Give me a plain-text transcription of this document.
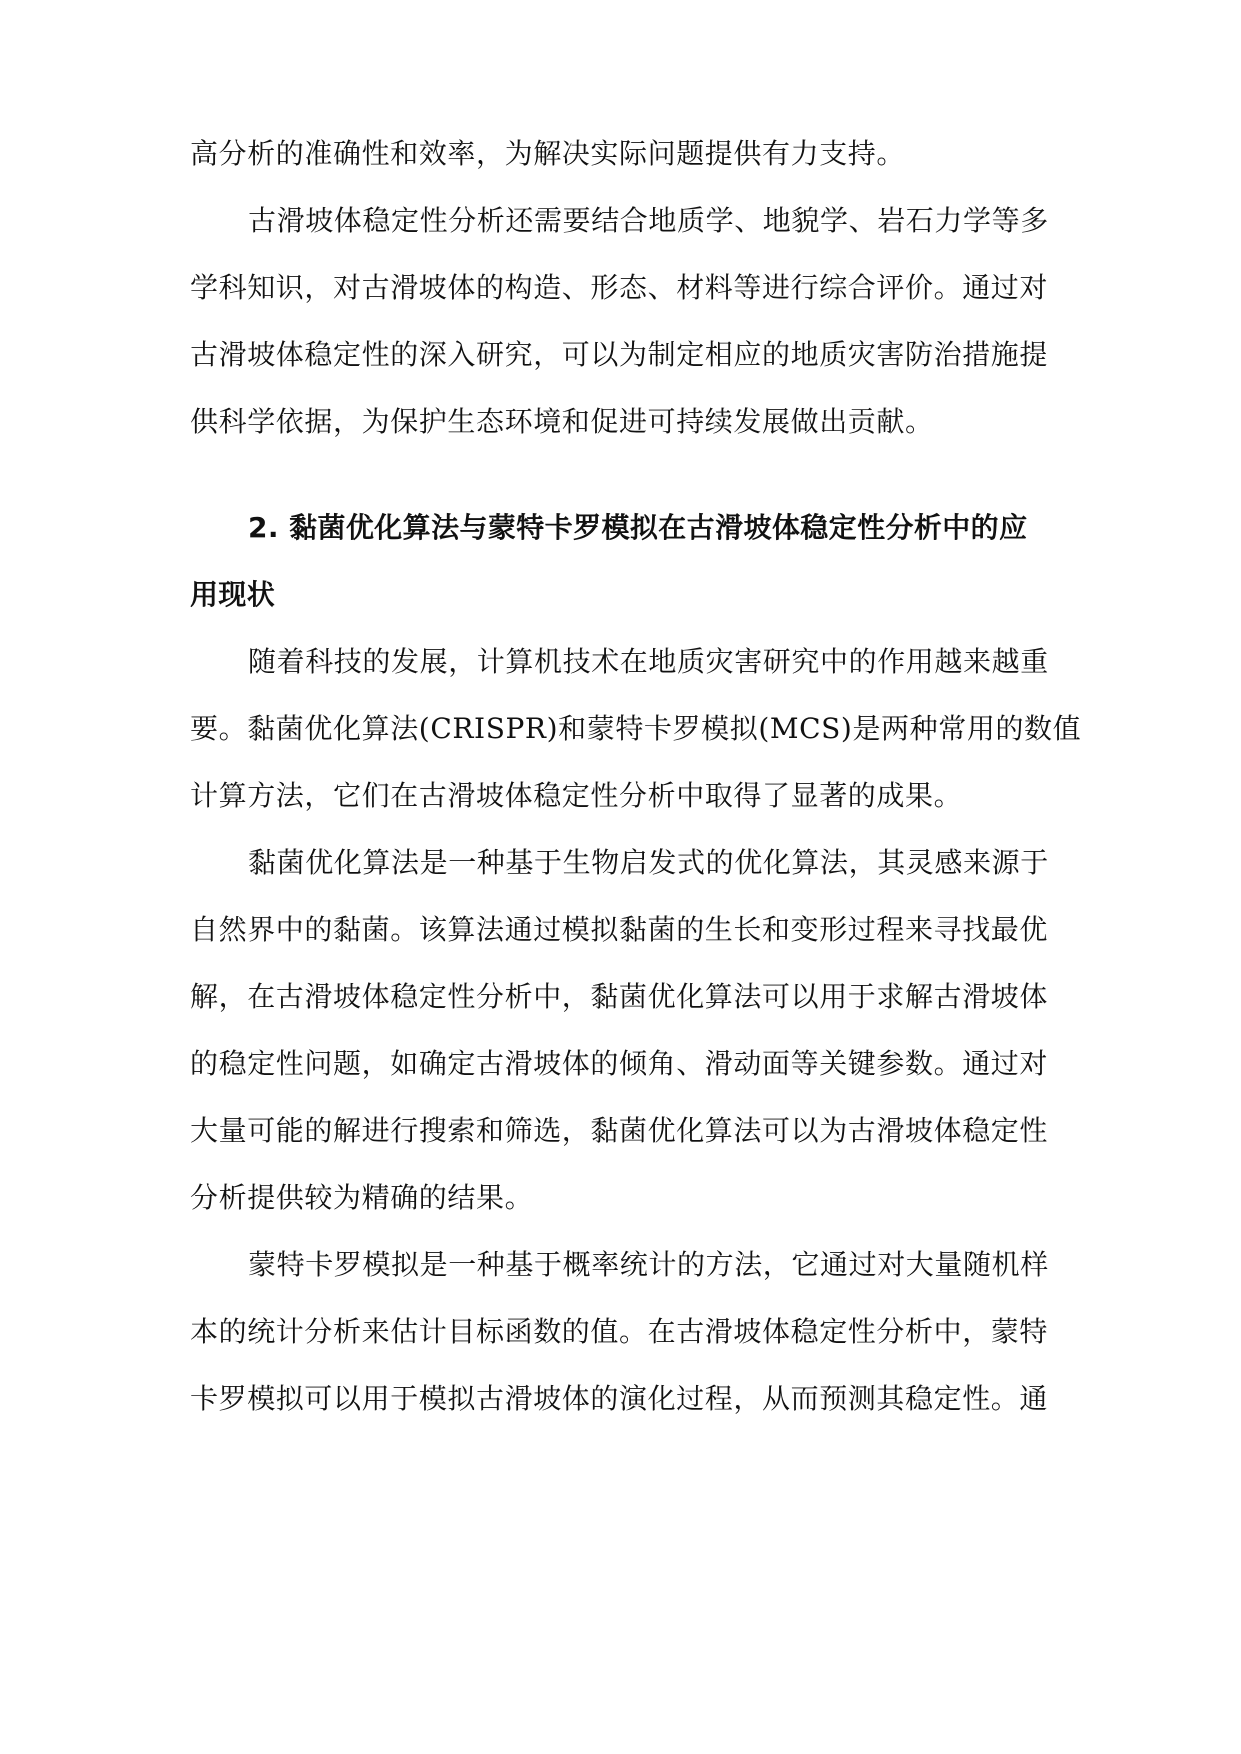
高分析的准确性和效率，为解决实际问题提供有力支持。
古滑坡体稳定性分析还需要结合地质学、地貌学、岩石力学等多
学科知识，对古滑坡体的构造、形态、材料等进行综合评价。通过对
古滑坡体稳定性的深入研究，可以为制定相应的地质灾害防治措施提
供科学依据，为保护生态环境和促进可持续发展做出贡献。
2. 黏菌优化算法与蒙特卡罗模拟在古滑坡体稳定性分析中的应
用现状
随着科技的发展，计算机技术在地质灾害研究中的作用越来越重
要。黏菌优化算法(CRISPR)和蒙特卡罗模拟(MCS)是两种常用的数值
计算方法，它们在古滑坡体稳定性分析中取得了显著的成果。
黏菌优化算法是一种基于生物启发式的优化算法，其灵感来源于
自然界中的黏菌。该算法通过模拟黏菌的生长和变形过程来寻找最优
解，在古滑坡体稳定性分析中，黏菌优化算法可以用于求解古滑坡体
的稳定性问题，如确定古滑坡体的倾角、滑动面等关键参数。通过对
大量可能的解进行搜索和筛选，黏菌优化算法可以为古滑坡体稳定性
分析提供较为精确的结果。
蒙特卡罗模拟是一种基于概率统计的方法，它通过对大量随机样
本的统计分析来估计目标函数的值。在古滑坡体稳定性分析中，蒙特
卡罗模拟可以用于模拟古滑坡体的演化过程，从而预测其稳定性。通
